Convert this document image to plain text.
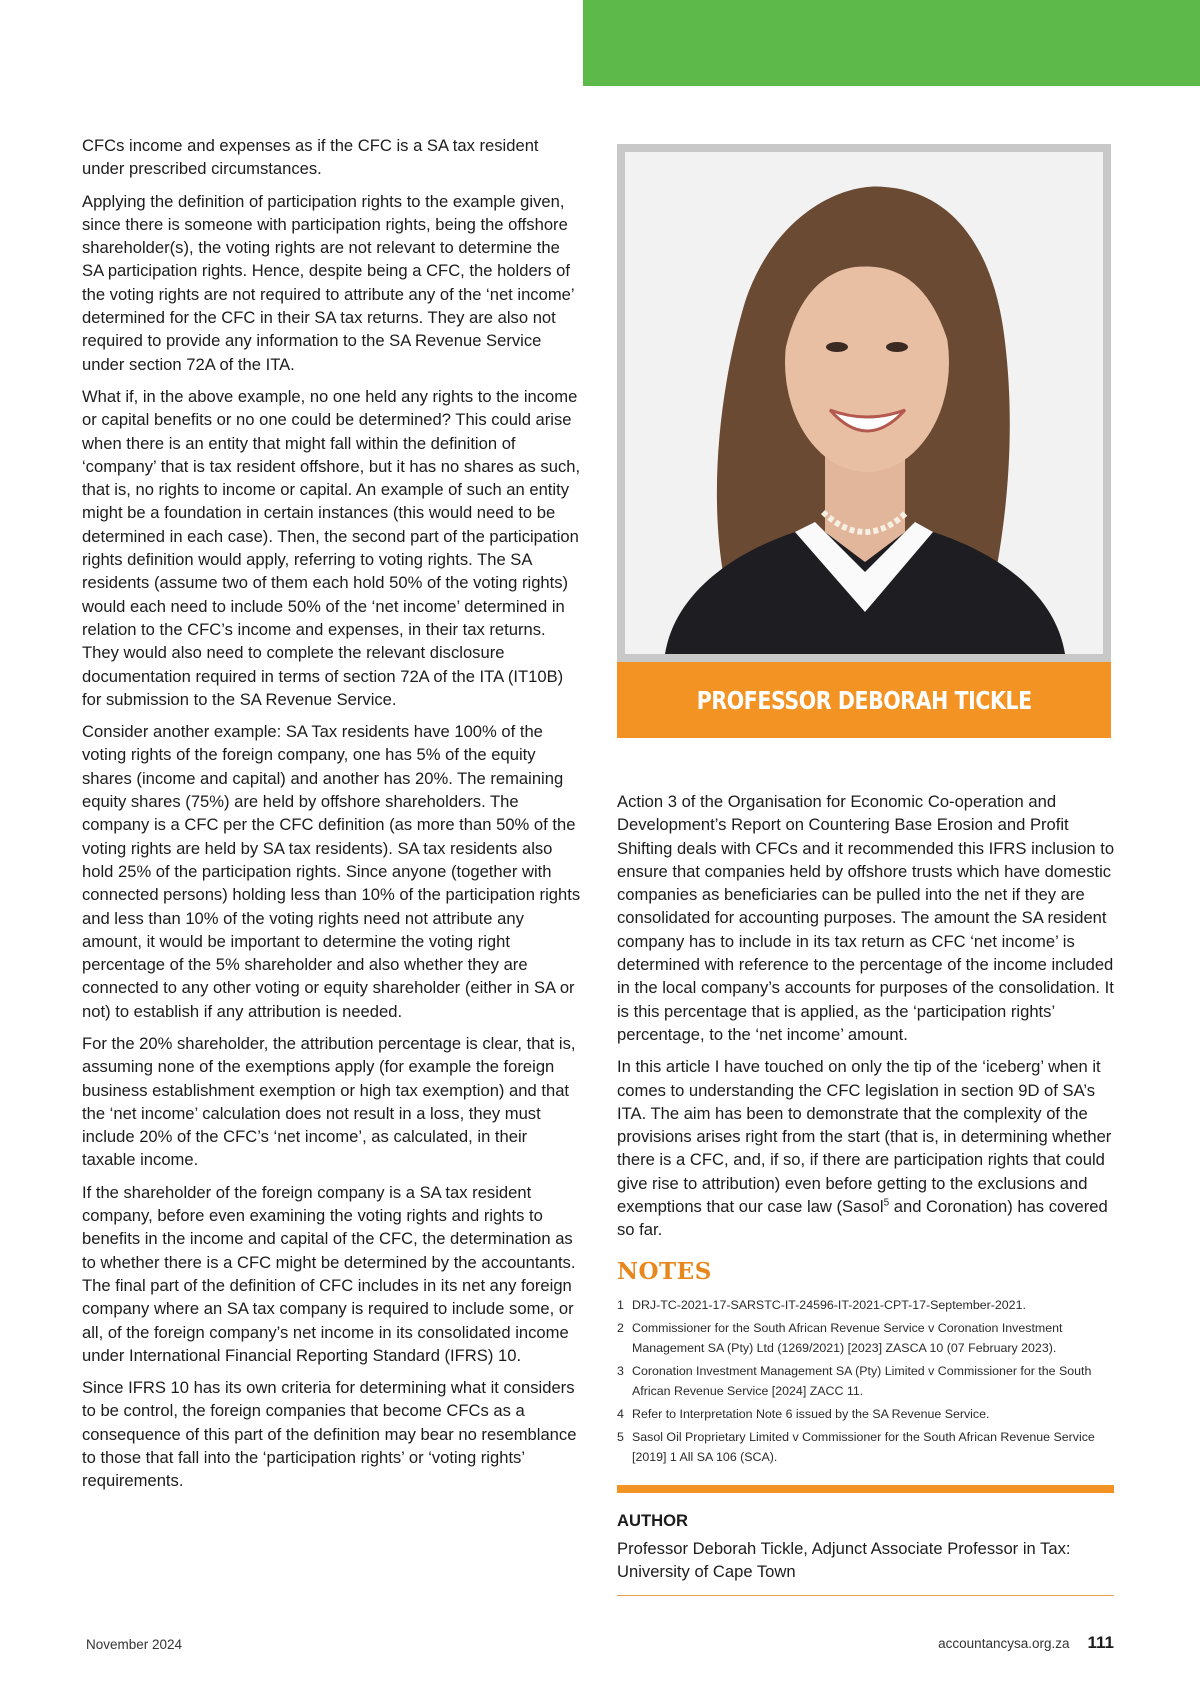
CFCs income and expenses as if the CFC is a SA tax resident under prescribed circumstances.

Applying the definition of participation rights to the example given, since there is someone with participation rights, being the offshore shareholder(s), the voting rights are not relevant to determine the SA participation rights. Hence, despite being a CFC, the holders of the voting rights are not required to attribute any of the ‘net income’ determined for the CFC in their SA tax returns. They are also not required to provide any information to the SA Revenue Service under section 72A of the ITA.

What if, in the above example, no one held any rights to the income or capital benefits or no one could be determined? This could arise when there is an entity that might fall within the definition of ‘company’ that is tax resident offshore, but it has no shares as such, that is, no rights to income or capital. An example of such an entity might be a foundation in certain instances (this would need to be determined in each case). Then, the second part of the participation rights definition would apply, referring to voting rights. The SA residents (assume two of them each hold 50% of the voting rights) would each need to include 50% of the ‘net income’ determined in relation to the CFC’s income and expenses, in their tax returns. They would also need to complete the relevant disclosure documentation required in terms of section 72A of the ITA (IT10B) for submission to the SA Revenue Service.

Consider another example: SA Tax residents have 100% of the voting rights of the foreign company, one has 5% of the equity shares (income and capital) and another has 20%. The remaining equity shares (75%) are held by offshore shareholders. The company is a CFC per the CFC definition (as more than 50% of the voting rights are held by SA tax residents). SA tax residents also hold 25% of the participation rights. Since anyone (together with connected persons) holding less than 10% of the participation rights and less than 10% of the voting rights need not attribute any amount, it would be important to determine the voting right percentage of the 5% shareholder and also whether they are connected to any other voting or equity shareholder (either in SA or not) to establish if any attribution is needed.

For the 20% shareholder, the attribution percentage is clear, that is, assuming none of the exemptions apply (for example the foreign business establishment exemption or high tax exemption) and that the ‘net income’ calculation does not result in a loss, they must include 20% of the CFC’s ‘net income’, as calculated, in their taxable income.

If the shareholder of the foreign company is a SA tax resident company, before even examining the voting rights and rights to benefits in the income and capital of the CFC, the determination as to whether there is a CFC might be determined by the accountants. The final part of the definition of CFC includes in its net any foreign company where an SA tax company is required to include some, or all, of the foreign company’s net income in its consolidated income under International Financial Reporting Standard (IFRS) 10.

Since IFRS 10 has its own criteria for determining what it considers to be control, the foreign companies that become CFCs as a consequence of this part of the definition may bear no resemblance to those that fall into the ‘participation rights’ or ‘voting rights’ requirements.

PROFESSOR DEBORAH TICKLE

Action 3 of the Organisation for Economic Co-operation and Development’s Report on Countering Base Erosion and Profit Shifting deals with CFCs and it recommended this IFRS inclusion to ensure that companies held by offshore trusts which have domestic companies as beneficiaries can be pulled into the net if they are consolidated for accounting purposes. The amount the SA resident company has to include in its tax return as CFC ‘net income’ is determined with reference to the percentage of the income included in the local company’s accounts for purposes of the consolidation. It is this percentage that is applied, as the ‘participation rights’ percentage, to the ‘net income’ amount.

In this article I have touched on only the tip of the ‘iceberg’ when it comes to understanding the CFC legislation in section 9D of SA’s ITA. The aim has been to demonstrate that the complexity of the provisions arises right from the start (that is, in determining whether there is a CFC, and, if so, if there are participation rights that could give rise to attribution) even before getting to the exclusions and exemptions that our case law (Sasol$^5$ and Coronation) has covered so far.

NOTES
1 DRJ-TC-2021-17-SARSTC-IT-24596-IT-2021-CPT-17-September-2021.
2 Commissioner for the South African Revenue Service v Coronation Investment Management SA (Pty) Ltd (1269/2021) [2023] ZASCA 10 (07 February 2023).
3 Coronation Investment Management SA (Pty) Limited v Commissioner for the South African Revenue Service [2024] ZACC 11.
4 Refer to Interpretation Note 6 issued by the SA Revenue Service.
5 Sasol Oil Proprietary Limited v Commissioner for the South African Revenue Service [2019] 1 All SA 106 (SCA).
AUTHOR

Professor Deborah Tickle, Adjunct Associate Professor in Tax: University of Cape Town

November 2024	accountancysa.org.za 111
